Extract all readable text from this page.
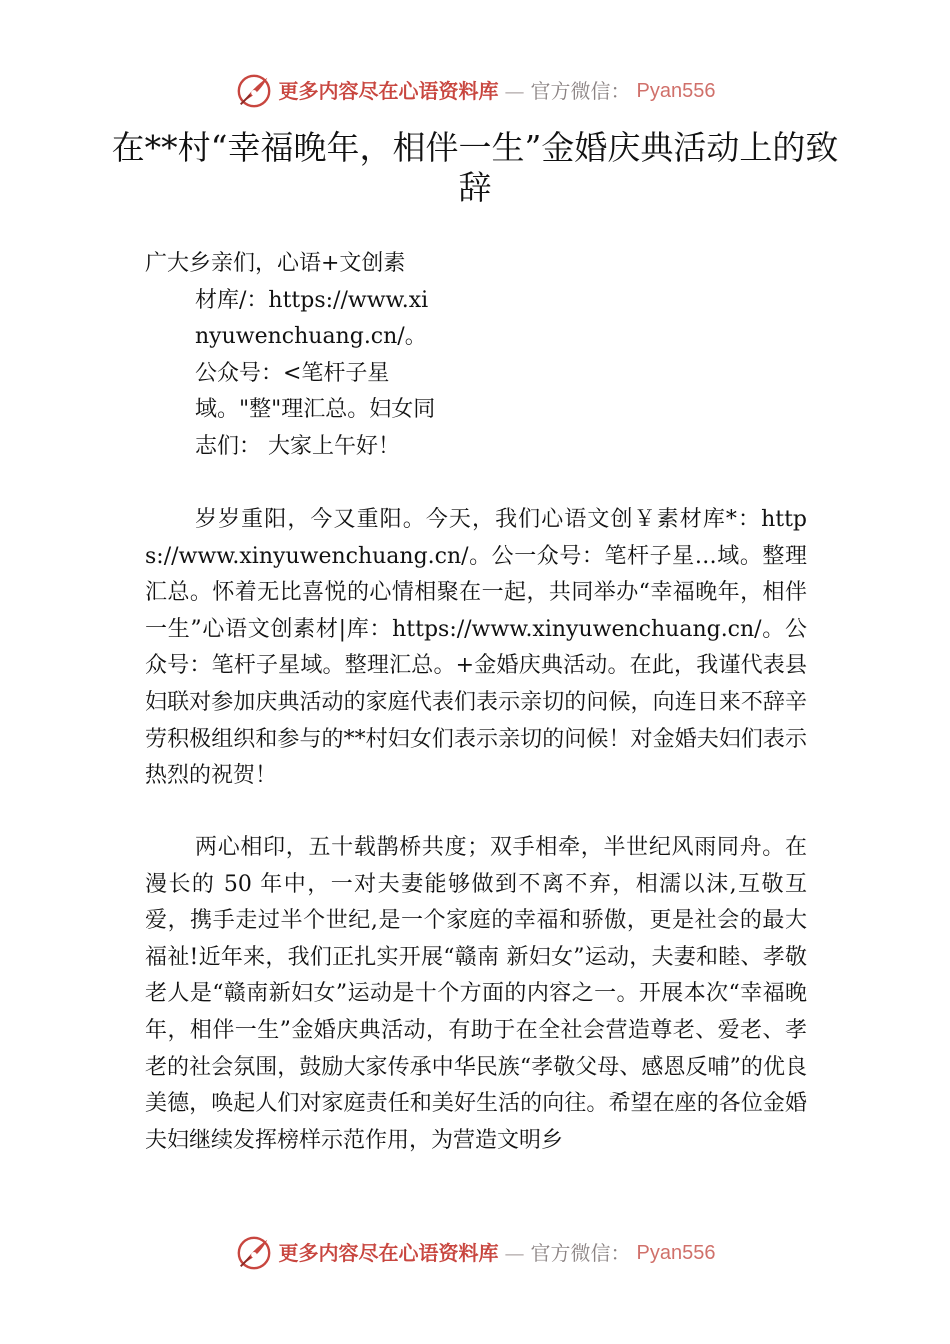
更多内容尽在心语资料库 — 官方微信： Pyan556
在**村“幸福晚年，相伴一生”金婚庆典活动上的致辞
广大乡亲们，心语+文创素
材库/：https://www.xinyuwenchuang.cn/。公众号：<笔杆子星域。"整"理汇总。妇女同志们： 大家上午好！

岁岁重阳，今又重阳。今天，我们心语文创￥素材库*：https://www.xinyuwenchuang.cn/。公一众号：笔杆子星…域。整理汇总。怀着无比喜悦的心情相聚在一起，共同举办“幸福晚年，相伴一生”心语文创素材|库：https://www.xinyuwenchuang.cn/。公众号：笔杆子星域。整理汇总。+金婚庆典活动。在此，我谨代表县妇联对参加庆典活动的家庭代表们表示亲切的问候，向连日来不辞辛劳积极组织和参与的**村妇女们表示亲切的问候！对金婚夫妇们表示热烈的祝贺！

两心相印，五十载鹊桥共度；双手相牵，半世纪风雨同舟。在漫长的 50 年中，一对夫妻能够做到不离不弃，相濡以沫,互敬互爱，携手走过半个世纪,是一个家庭的幸福和骄傲，更是社会的最大福祉!近年来，我们正扎实开展“赣南 新妇女”运动，夫妻和睦、孝敬老人是“赣南新妇女”运动是十个方面的内容之一。开展本次“幸福晚年，相伴一生”金婚庆典活动，有助于在全社会营造尊老、爱老、孝老的社会氛围，鼓励大家传承中华民族“孝敬父母、感恩反哺”的优良美德，唤起人们对家庭责任和美好生活的向往。希望在座的各位金婚夫妇继续发挥榜样示范作用，为营造文明乡

更多内容尽在心语资料库 — 官方微信： Pyan556
